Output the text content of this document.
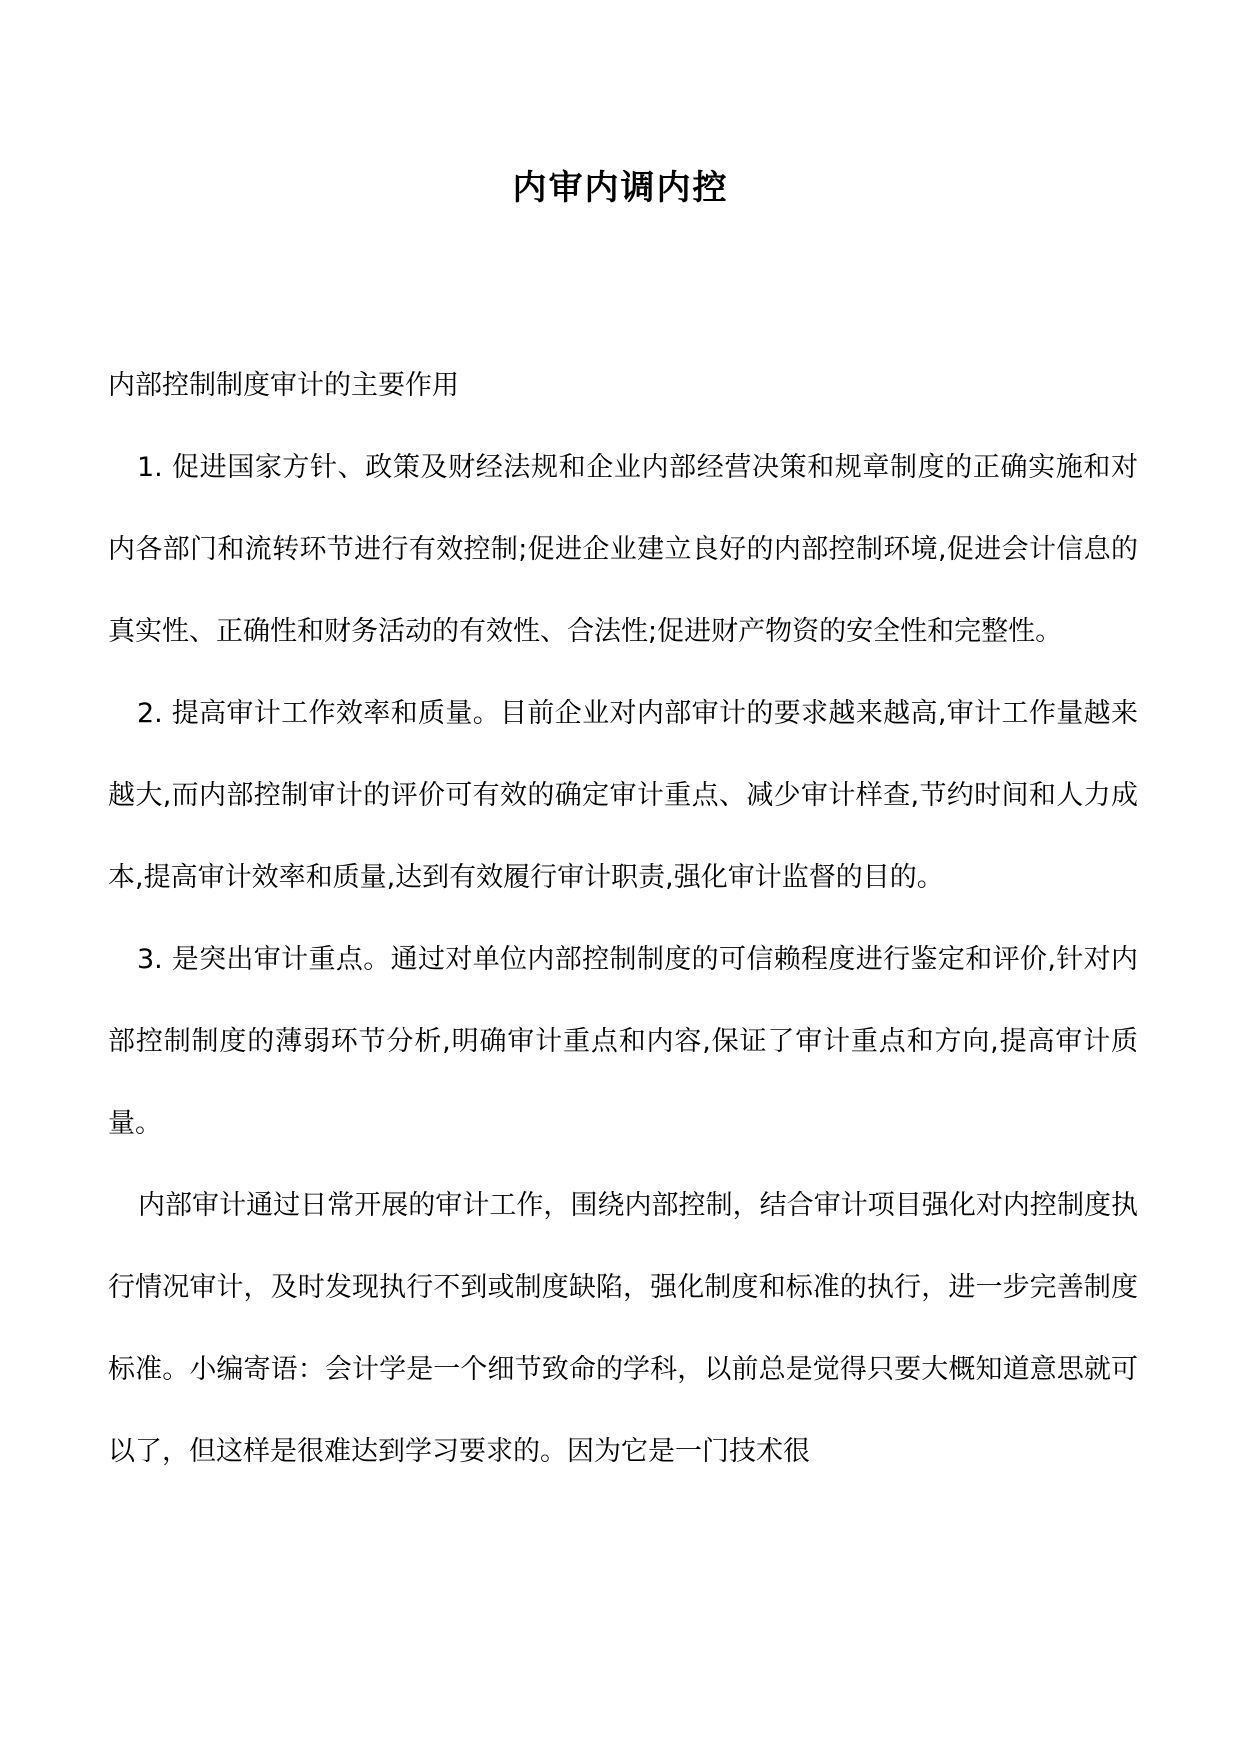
内审内调内控

内部控制制度审计的主要作用

1. 促进国家方针、政策及财经法规和企业内部经营决策和规章制度的正确实施和对内各部门和流转环节进行有效控制;促进企业建立良好的内部控制环境,促进会计信息的真实性、正确性和财务活动的有效性、合法性;促进财产物资的安全性和完整性。

2. 提高审计工作效率和质量。目前企业对内部审计的要求越来越高,审计工作量越来越大,而内部控制审计的评价可有效的确定审计重点、减少审计样查,节约时间和人力成本,提高审计效率和质量,达到有效履行审计职责,强化审计监督的目的。

3. 是突出审计重点。通过对单位内部控制制度的可信赖程度进行鉴定和评价,针对内部控制制度的薄弱环节分析,明确审计重点和内容,保证了审计重点和方向,提高审计质量。

内部审计通过日常开展的审计工作，围绕内部控制，结合审计项目强化对内控制度执行情况审计，及时发现执行不到或制度缺陷，强化制度和标准的执行，进一步完善制度标准。小编寄语：会计学是一个细节致命的学科，以前总是觉得只要大概知道意思就可以了，但这样是很难达到学习要求的。因为它是一门技术很
